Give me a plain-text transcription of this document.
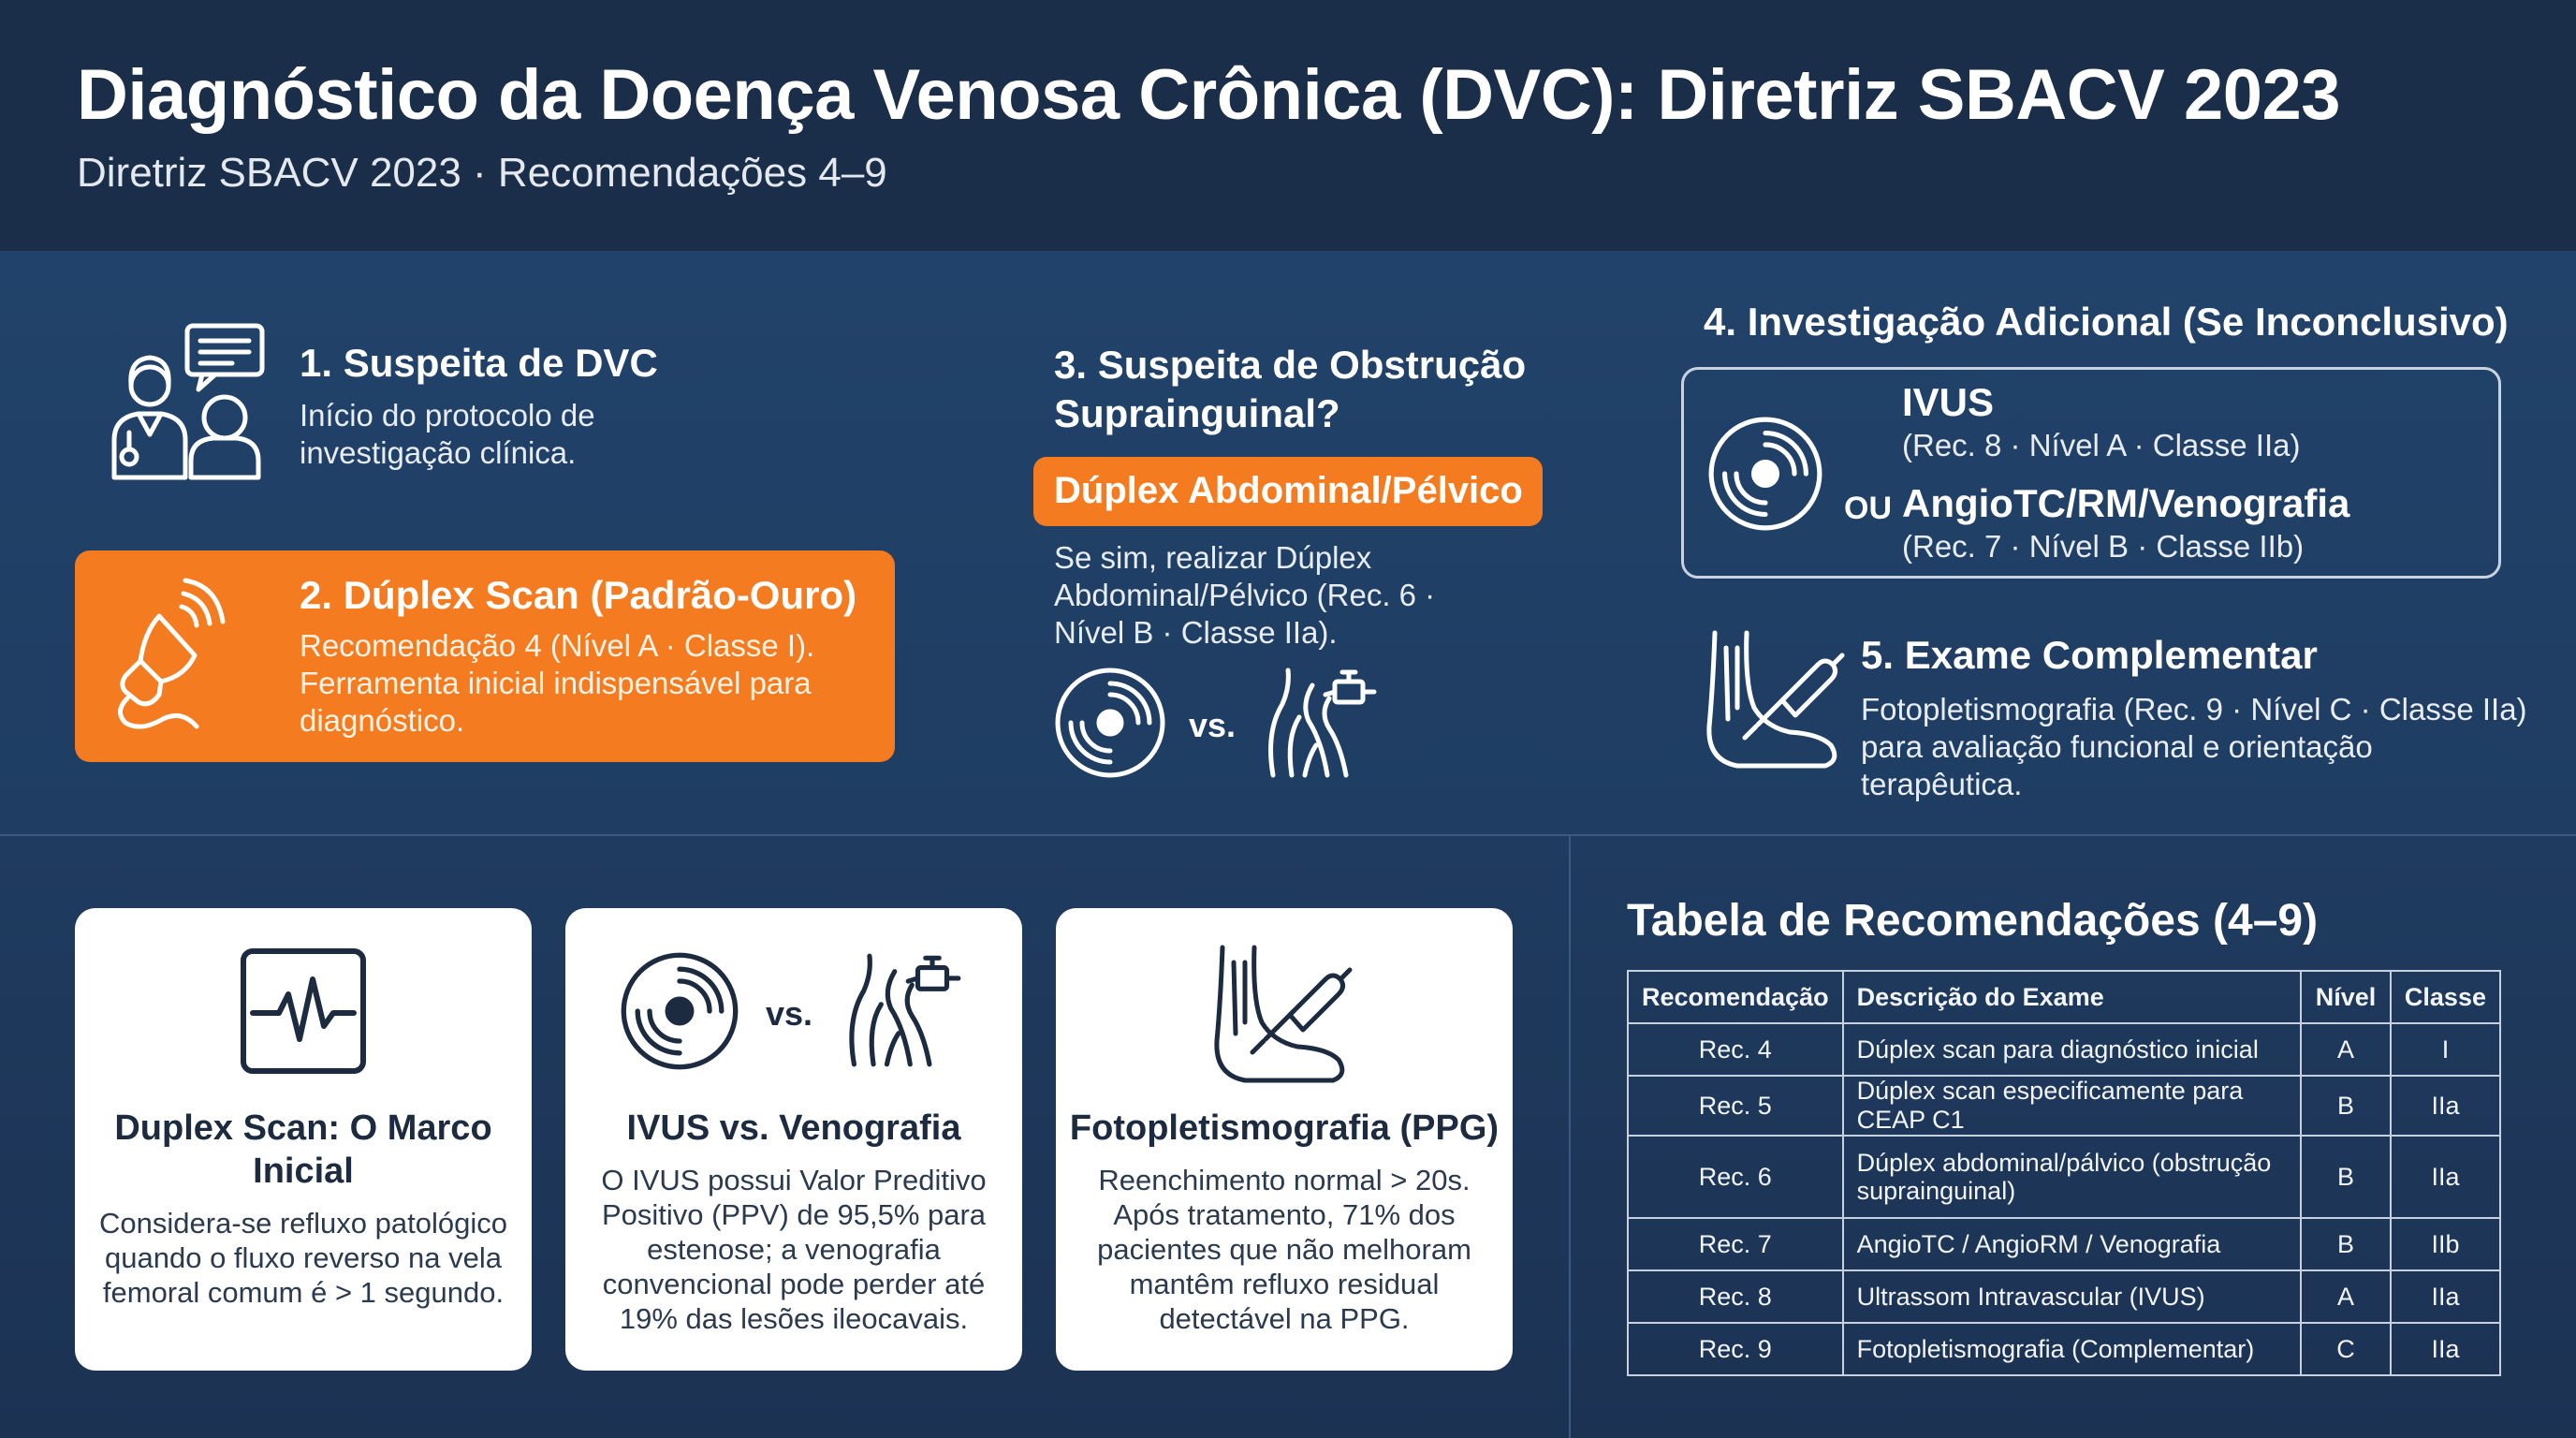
Diagnóstico da Doença Venosa Crônica (DVC): Diretriz SBACV 2023
Diretriz SBACV 2023 · Recomendações 4–9
1. Suspeita de DVC
Início do protocolo de investigação clínica.
2. Dúplex Scan (Padrão-Ouro)
Recomendação 4 (Nível A · Classe I). Ferramenta inicial indispensável para diagnóstico.
3. Suspeita de Obstrução Suprainguinal?
Dúplex Abdominal/Pélvico
Se sim, realizar Dúplex Abdominal/Pélvico (Rec. 6 · Nível B · Classe IIa).
vs.
4. Investigação Adicional (Se Inconclusivo)
IVUS
(Rec. 8 · Nível A · Classe IIa)
OU AngioTC/RM/Venografia
(Rec. 7 · Nível B · Classe IIb)
5. Exame Complementar
Fotopletismografia (Rec. 9 · Nível C · Classe IIa) para avaliação funcional e orientação terapêutica.
Duplex Scan: O Marco Inicial
Considera-se refluxo patológico quando o fluxo reverso na vela femoral comum é > 1 segundo.
vs.
IVUS vs. Venografia
O IVUS possui Valor Preditivo Positivo (PPV) de 95,5% para estenose; a venografia convencional pode perder até 19% das lesões ileocavais.
Fotopletismografia (PPG)
Reenchimento normal > 20s. Após tratamento, 71% dos pacientes que não melhoram mantêm refluxo residual detectável na PPG.
Tabela de Recomendações (4–9)
Recomendação	Descrição do Exame	Nível	Classe
Rec. 4	Dúplex scan para diagnóstico inicial	A	I
Rec. 5	Dúplex scan especificamente para CEAP C1	B	IIa
Rec. 6	Dúplex abdominal/pálvico (obstrução suprainguinal)	B	IIa
Rec. 7	AngioTC / AngioRM / Venografia	B	IIb
Rec. 8	Ultrassom Intravascular (IVUS)	A	IIa
Rec. 9	Fotopletismografia (Complementar)	C	IIa
